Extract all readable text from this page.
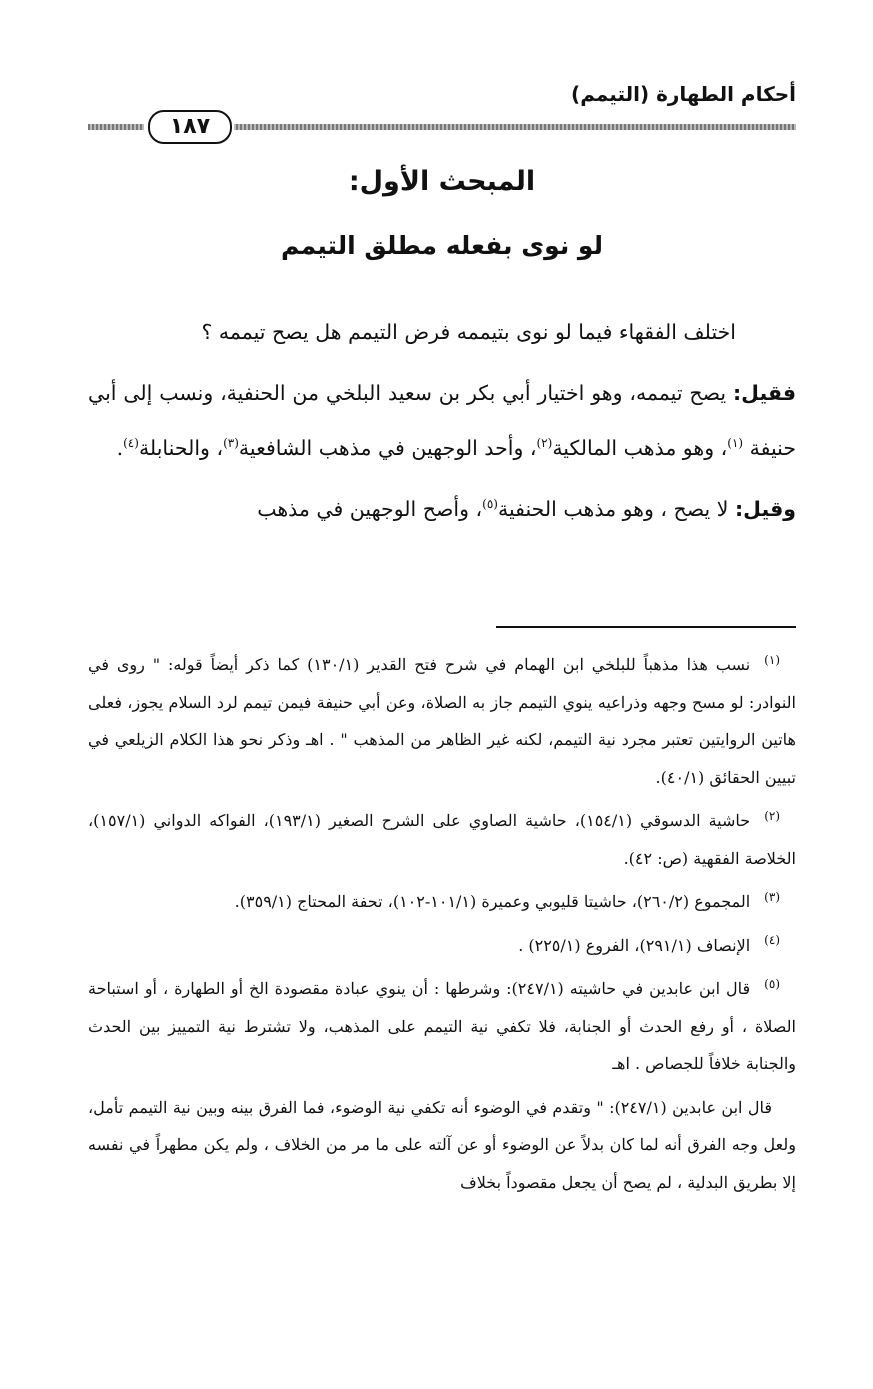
أحكام الطهارة (التيمم)
١٨٧
المبحث الأول:
لو نوى بفعله مطلق التيمم

اختلف الفقهاء فيما لو نوى بتيممه فرض التيمم هل يصح تيممه ؟

فقيل: يصح تيممه، وهو اختيار أبي بكر بن سعيد البلخي من الحنفية، ونسب إلى أبي حنيفة $^{(١)}$، وهو مذهب المالكية$^{(٢)}$، وأحد الوجهين في مذهب الشافعية$^{(٣)}$، والحنابلة$^{(٤)}$.

وقيل: لا يصح ، وهو مذهب الحنفية$^{(٥)}$، وأصح الوجهين في مذهب

(١)نسب هذا مذهباً للبلخي ابن الهمام في شرح فتح القدير (١٣٠/١) كما ذكر أيضاً قوله: " روى في النوادر: لو مسح وجهه وذراعيه ينوي التيمم جاز به الصلاة، وعن أبي حنيفة فيمن تيمم لرد السلام يجوز، فعلى هاتين الروايتين تعتبر مجرد نية التيمم، لكنه غير الظاهر من المذهب " . اهـ وذكر نحو هذا الكلام الزيلعي في تبيين الحقائق (٤٠/١).

(٢)حاشية الدسوقي (١٥٤/١)، حاشية الصاوي على الشرح الصغير (١٩٣/١)، الفواكه الدواني (١٥٧/١)، الخلاصة الفقهية (ص: ٤٢).

(٣)المجموع (٢٦٠/٢)، حاشيتا قليوبي وعميرة (١٠١/١-١٠٢)، تحفة المحتاج (٣٥٩/١).

(٤)الإنصاف (٢٩١/١)، الفروع (٢٢٥/١) .

(٥)قال ابن عابدين في حاشيته (٢٤٧/١): وشرطها : أن ينوي عبادة مقصودة الخ أو الطهارة ، أو استباحة الصلاة ، أو رفع الحدث أو الجنابة، فلا تكفي نية التيمم على المذهب، ولا تشترط نية التمييز بين الحدث والجنابة خلافاً للجصاص . اهـ

قال ابن عابدين (٢٤٧/١): " وتقدم في الوضوء أنه تكفي نية الوضوء، فما الفرق بينه وبين نية التيمم تأمل، ولعل وجه الفرق أنه لما كان بدلاً عن الوضوء أو عن آلته على ما مر من الخلاف ، ولم يكن مطهراً في نفسه إلا بطريق البدلية ، لم يصح أن يجعل مقصوداً بخلاف
